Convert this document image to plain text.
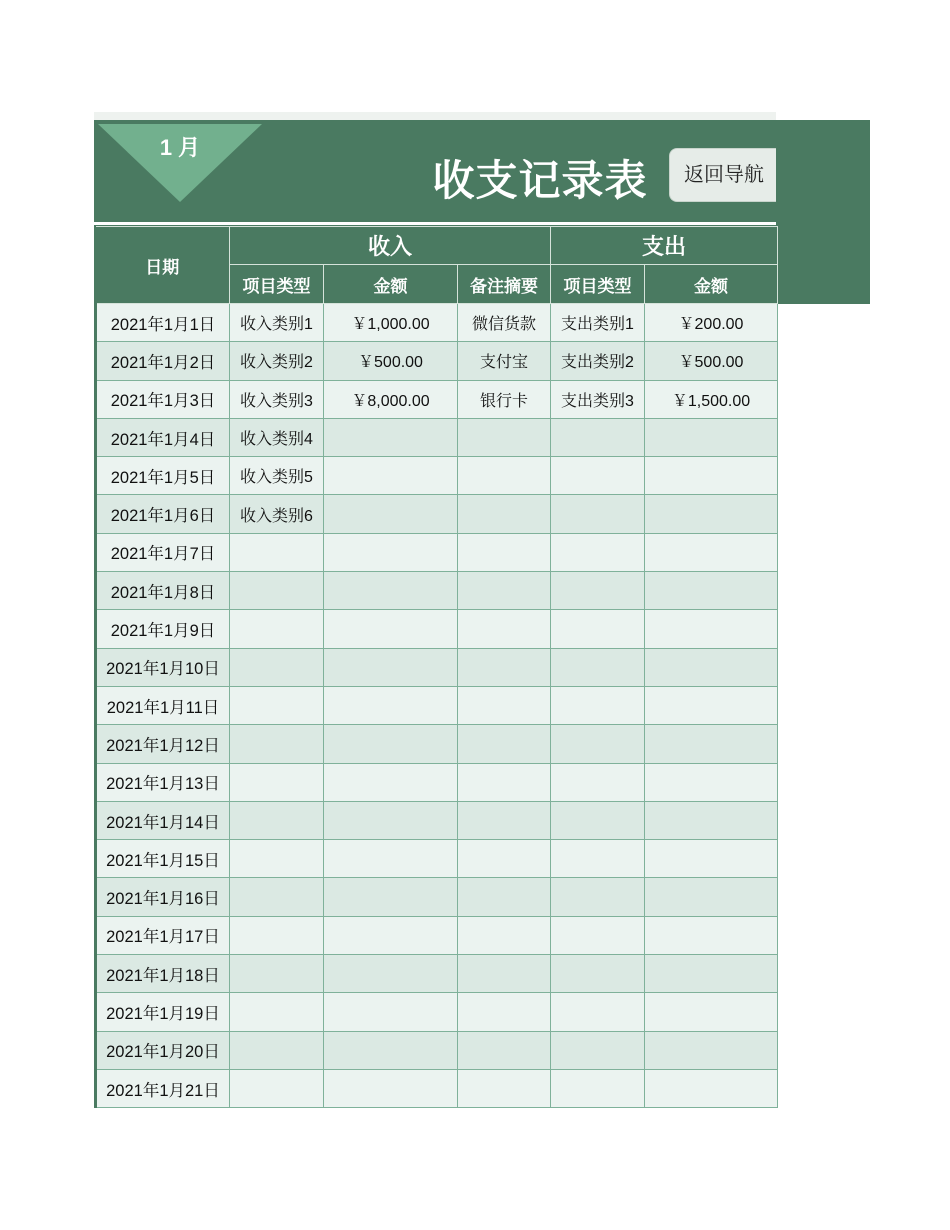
1 月
收支记录表	返回导航
日期	收入			支出	
	项目类型	金额	备注摘要	项目类型	金额
2021年1月1日	收入类别1	￥1,000.00	微信货款	支出类别1	￥200.00
2021年1月2日	收入类别2	￥500.00	支付宝	支出类别2	￥500.00
2021年1月3日	收入类别3	￥8,000.00	银行卡	支出类别3	￥1,500.00
2021年1月4日	收入类别4				
2021年1月5日	收入类别5				
2021年1月6日	收入类别6				
2021年1月7日					
2021年1月8日					
2021年1月9日					
2021年1月10日					
2021年1月11日					
2021年1月12日					
2021年1月13日					
2021年1月14日					
2021年1月15日					
2021年1月16日					
2021年1月17日					
2021年1月18日					
2021年1月19日					
2021年1月20日					
2021年1月21日					
